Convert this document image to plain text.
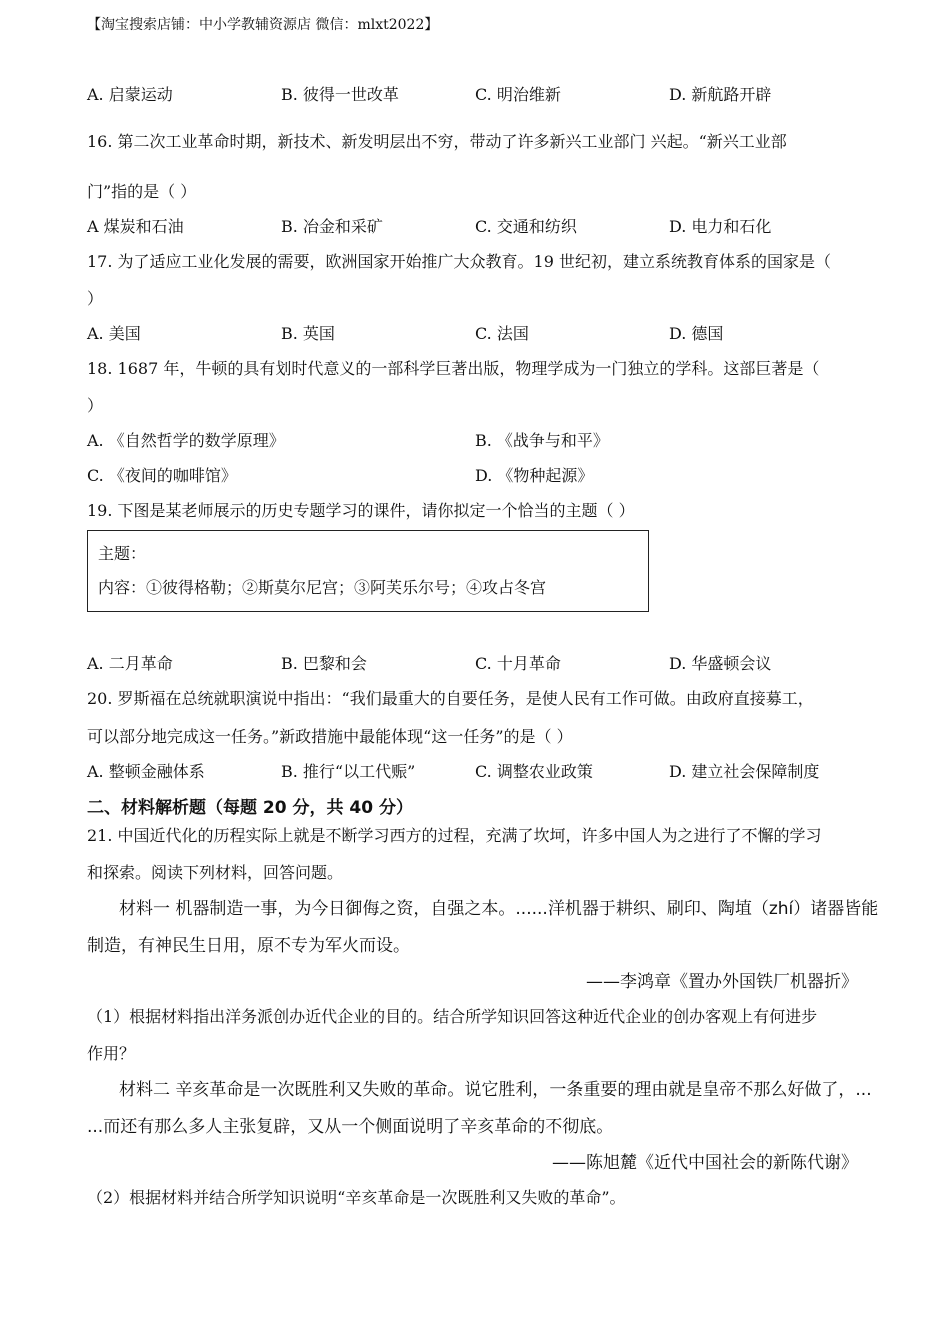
【淘宝搜索店铺：中小学教辅资源店 微信：mlxt2022】
A. 启蒙运动	B. 彼得一世改革	C. 明治维新	D. 新航路开辟
16. 第二次工业革命时期，新技术、新发明层出不穷，带动了许多新兴工业部门 兴起。“新兴工业部
门”指的是（ ）
A 煤炭和石油	B. 冶金和采矿	C. 交通和纺织	D. 电力和石化
17. 为了适应工业化发展的需要，欧洲国家开始推广大众教育。19 世纪初，建立系统教育体系的国家是（
）
A. 美国	B. 英国	C. 法国	D. 德国
18. 1687 年，牛顿的具有划时代意义的一部科学巨著出版，物理学成为一门独立的学科。这部巨著是（
）
A. 《自然哲学的数学原理》	B. 《战争与和平》
C. 《夜间的咖啡馆》	D. 《物种起源》
19. 下图是某老师展示的历史专题学习的课件，请你拟定一个恰当的主题（ ）
主题：
内容：①彼得格勒；②斯莫尔尼宫；③阿芙乐尔号；④攻占冬宫
A. 二月革命	B. 巴黎和会	C. 十月革命	D. 华盛顿会议
20. 罗斯福在总统就职演说中指出：“我们最重大的自要任务，是使人民有工作可做。由政府直接募工，
可以部分地完成这一任务。”新政措施中最能体现“这一任务”的是（ ）
A. 整顿金融体系	B. 推行“以工代赈”	C. 调整农业政策	D. 建立社会保障制度
二、材料解析题（每题 20 分，共 40 分）
21. 中国近代化的历程实际上就是不断学习西方的过程，充满了坎坷，许多中国人为之进行了不懈的学习
和探索。阅读下列材料，回答问题。
材料一 机器制造一事，为今日御侮之资，自强之本。......洋机器于耕织、刷印、陶埴（zhí）诸器皆能
制造，有神民生日用，原不专为军火而设。
——李鸿章《置办外国铁厂机器折》
（1）根据材料指出洋务派创办近代企业的目的。结合所学知识回答这种近代企业的创办客观上有何进步
作用？
材料二 辛亥革命是一次既胜利又失败的革命。说它胜利，一条重要的理由就是皇帝不那么好做了，...
...而还有那么多人主张复辟，又从一个侧面说明了辛亥革命的不彻底。
——陈旭麓《近代中国社会的新陈代谢》
（2）根据材料并结合所学知识说明“辛亥革命是一次既胜利又失败的革命”。
